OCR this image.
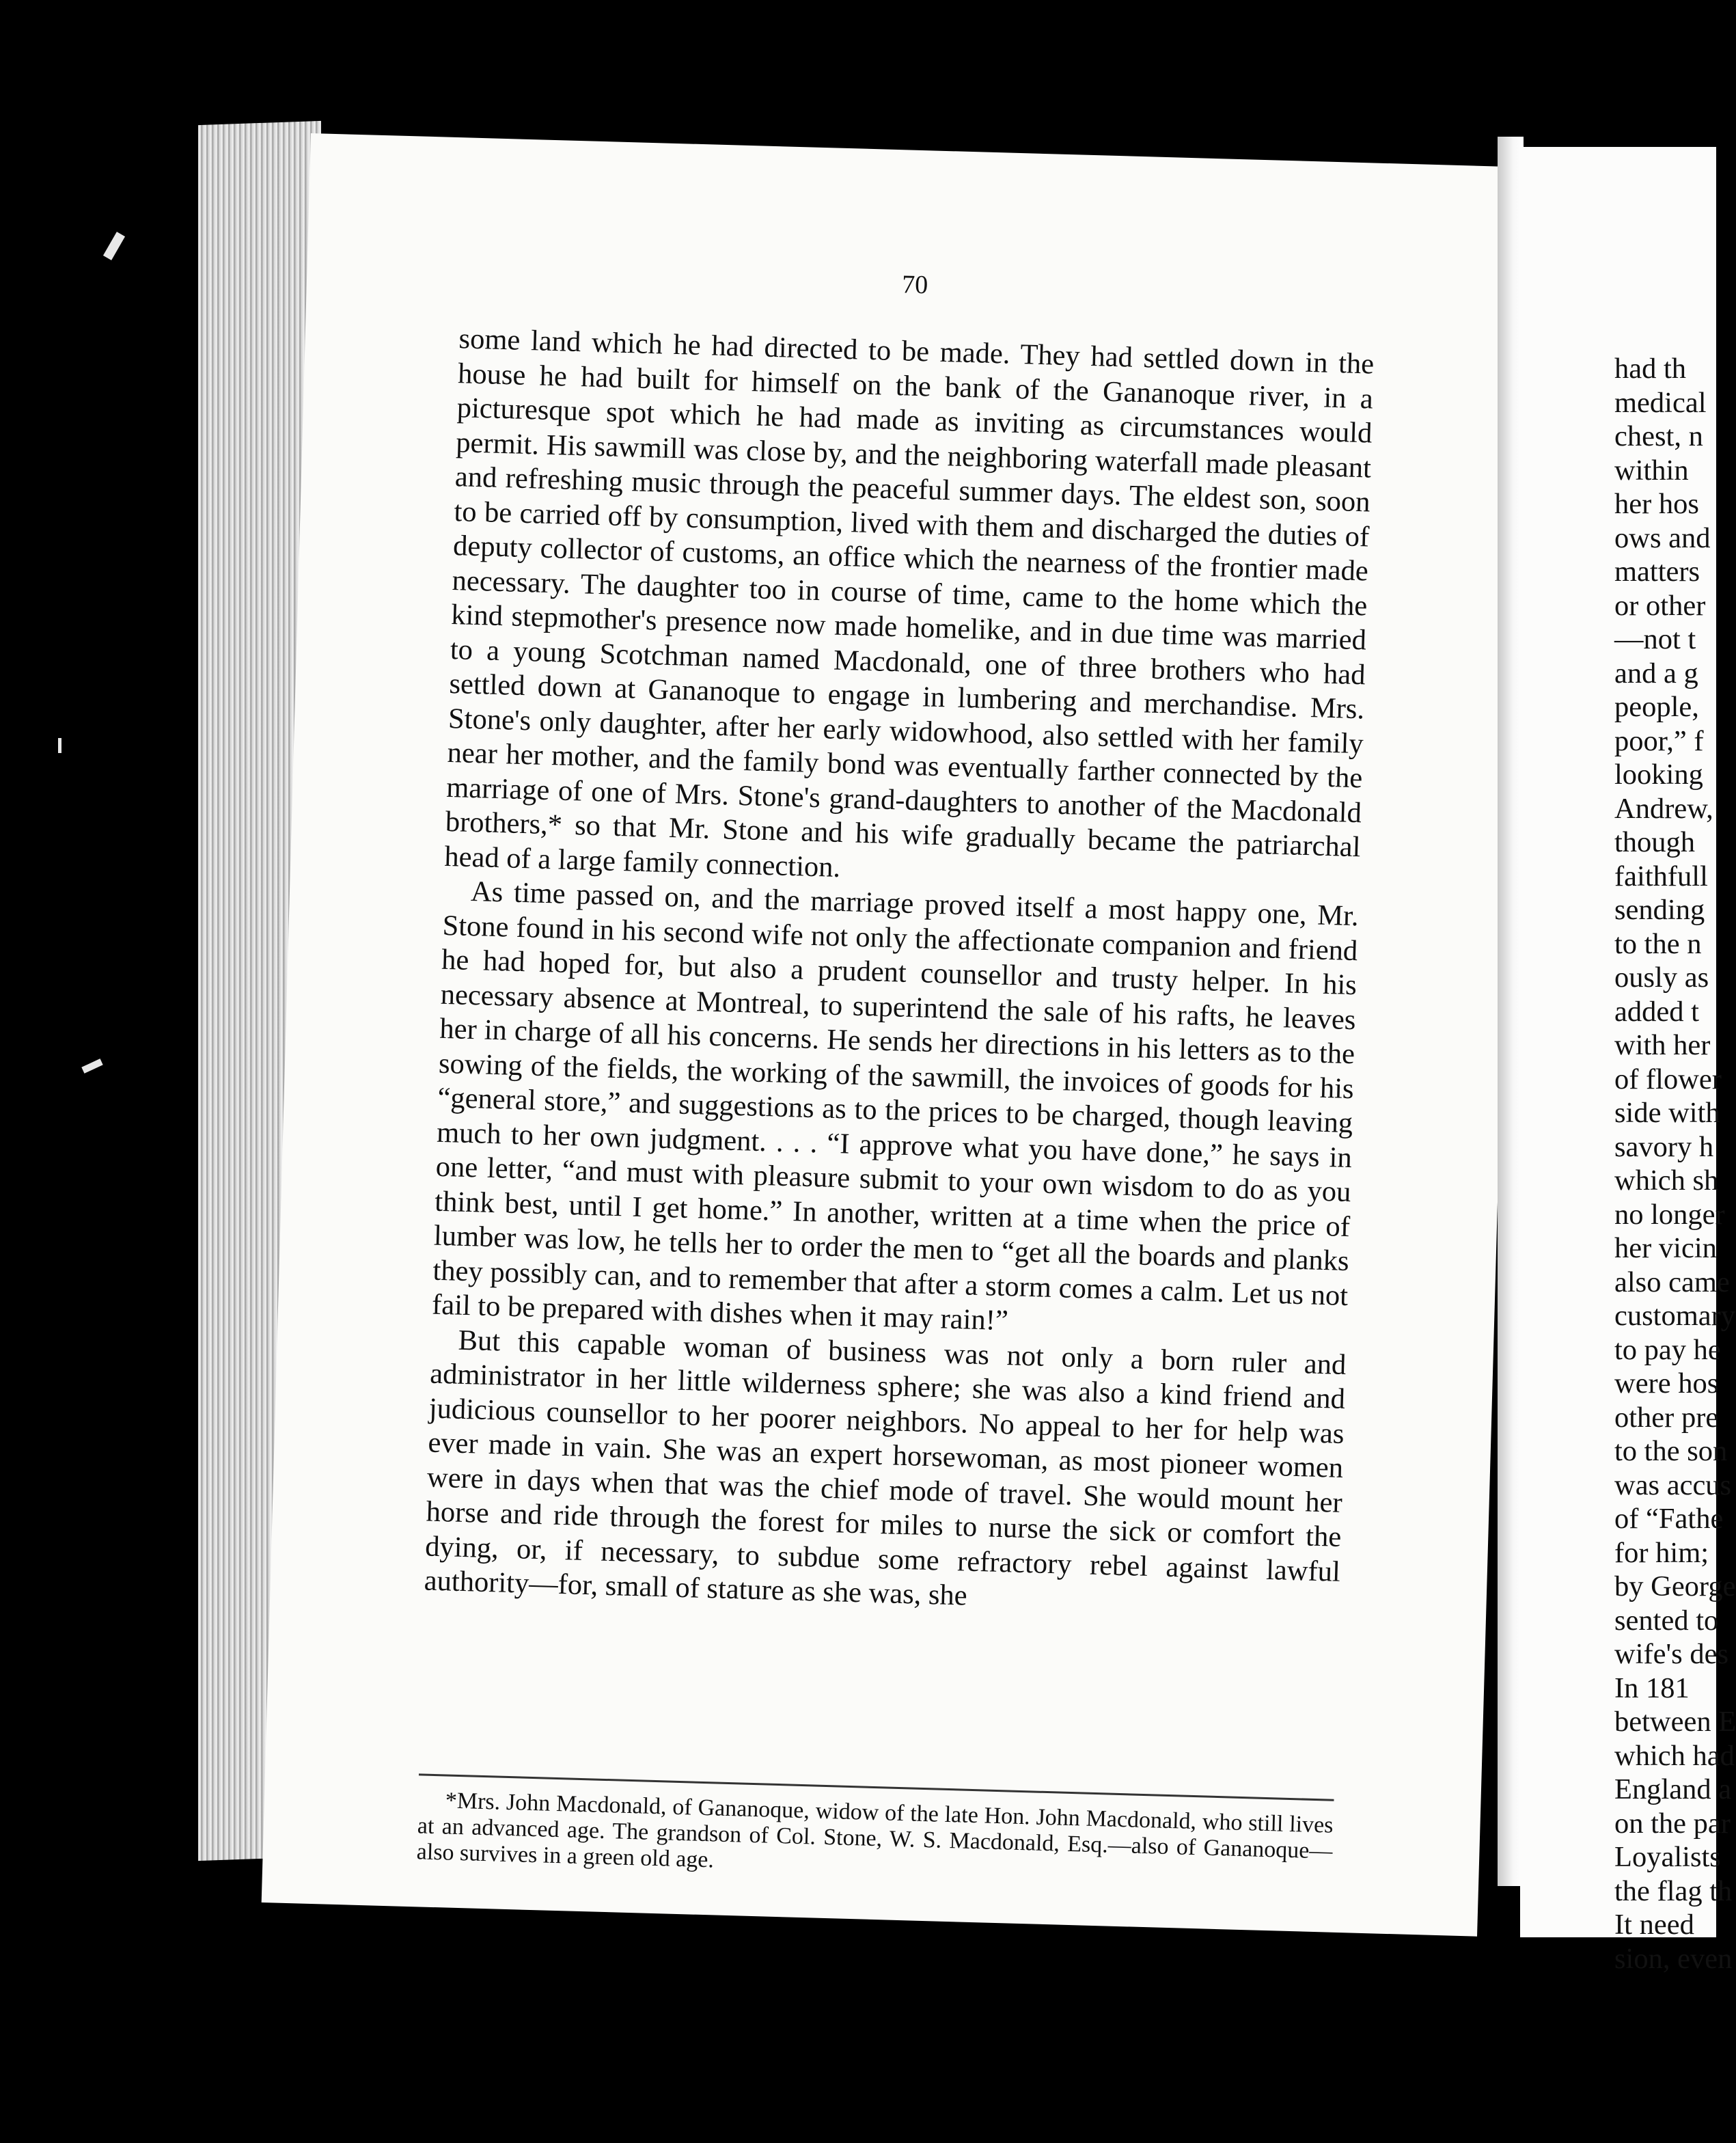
70

some land which he had directed to be made. They had settled down in the house he had built for himself on the bank of the Gananoque river, in a picturesque spot which he had made as inviting as circumstances would permit. His sawmill was close by, and the neighboring waterfall made pleasant and refreshing music through the peaceful summer days. The eldest son, soon to be carried off by consumption, lived with them and discharged the duties of deputy collector of customs, an office which the nearness of the frontier made necessary. The daughter too in course of time, came to the home which the kind stepmother's presence now made homelike, and in due time was married to a young Scotchman named Macdonald, one of three brothers who had settled down at Gananoque to engage in lumbering and merchandise. Mrs. Stone's only daughter, after her early widowhood, also settled with her family near her mother, and the family bond was eventually farther connected by the marriage of one of Mrs. Stone's grand-daughters to another of the Macdonald brothers,* so that Mr. Stone and his wife gradually became the patriarchal head of a large family connection.

As time passed on, and the marriage proved itself a most happy one, Mr. Stone found in his second wife not only the affectionate companion and friend he had hoped for, but also a prudent counsellor and trusty helper. In his necessary absence at Montreal, to superintend the sale of his rafts, he leaves her in charge of all his concerns. He sends her directions in his letters as to the sowing of the fields, the working of the sawmill, the invoices of goods for his “general store,” and suggestions as to the prices to be charged, though leaving much to her own judgment. . . . “I approve what you have done,” he says in one letter, “and must with pleasure submit to your own wisdom to do as you think best, until I get home.” In another, written at a time when the price of lumber was low, he tells her to order the men to “get all the boards and planks they possibly can, and to remember that after a storm comes a calm. Let us not fail to be prepared with dishes when it may rain!”

But this capable woman of business was not only a born ruler and administrator in her little wilderness sphere; she was also a kind friend and judicious counsellor to her poorer neighbors. No appeal to her for help was ever made in vain. She was an expert horsewoman, as most pioneer women were in days when that was the chief mode of travel. She would mount her horse and ride through the forest for miles to nurse the sick or comfort the dying, or, if necessary, to subdue some refractory rebel against lawful authority—for, small of stature as she was, she

*Mrs. John Macdonald, of Gananoque, widow of the late Hon. John Macdonald, who still lives at an advanced age. The grandson of Col. Stone, W. S. Macdonald, Esq.—also of Gananoque—also survives in a green old age.

had th
medical
chest, n
within
her hos
ows and
matters
or other
—not t
and a g
people,
poor,” f
looking
Andrew,
though
faithfull
sending
to the n
ously as
added t
with her
of flower
side with
savory h
which sh
no longer
her vicin
also came
customary
to pay he
were hos
other pre
to the son
was accus
of “Fathe
for him;
by George
sented to
wife's des
In 181
between E
which had
England a
on the par
Loyalists
the flag th
It need
sion, even
